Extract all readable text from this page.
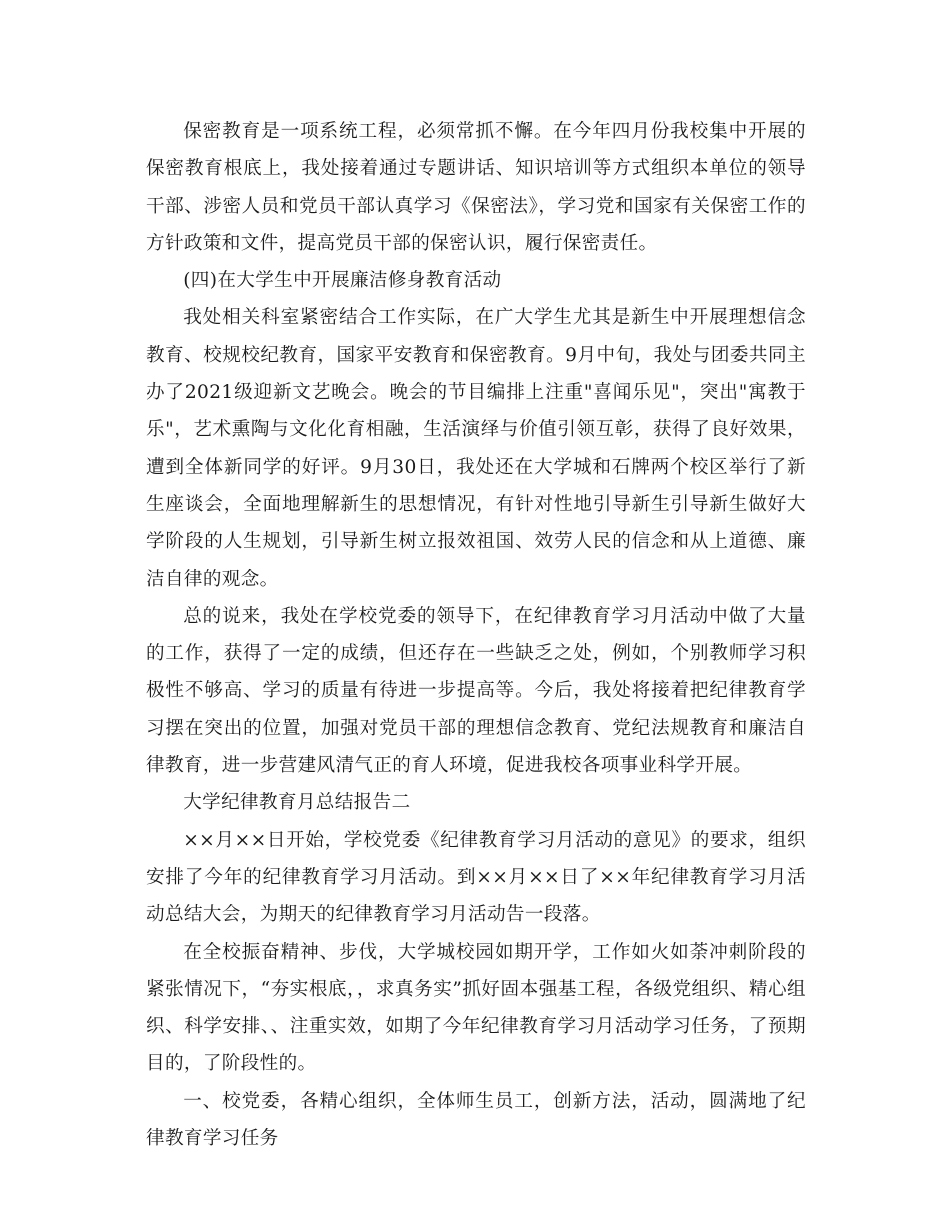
保密教育是一项系统工程，必须常抓不懈。在今年四月份我校集中开展的保密教育根底上，我处接着通过专题讲话、知识培训等方式组织本单位的领导干部、涉密人员和党员干部认真学习《保密法》，学习党和国家有关保密工作的方针政策和文件，提高党员干部的保密认识，履行保密责任。

(四)在大学生中开展廉洁修身教育活动

我处相关科室紧密结合工作实际，在广大学生尤其是新生中开展理想信念教育、校规校纪教育，国家平安教育和保密教育。9月中旬，我处与团委共同主办了2021级迎新文艺晚会。晚会的节目编排上注重"喜闻乐见"，突出"寓教于乐"，艺术熏陶与文化化育相融，生活演绎与价值引领互彰，获得了良好效果，遭到全体新同学的好评。9月30日，我处还在大学城和石牌两个校区举行了新生座谈会，全面地理解新生的思想情况，有针对性地引导新生引导新生做好大学阶段的人生规划，引导新生树立报效祖国、效劳人民的信念和从上道德、廉洁自律的观念。

总的说来，我处在学校党委的领导下，在纪律教育学习月活动中做了大量的工作，获得了一定的成绩，但还存在一些缺乏之处，例如，个别教师学习积极性不够高、学习的质量有待进一步提高等。今后，我处将接着把纪律教育学习摆在突出的位置，加强对党员干部的理想信念教育、党纪法规教育和廉洁自律教育，进一步营建风清气正的育人环境，促进我校各项事业科学开展。

大学纪律教育月总结报告二

××月××日开始，学校党委《纪律教育学习月活动的意见》的要求，组织安排了今年的纪律教育学习月活动。到××月××日了××年纪律教育学习月活动总结大会，为期天的纪律教育学习月活动告一段落。

在全校振奋精神、步伐，大学城校园如期开学，工作如火如荼冲刺阶段的紧张情况下，“夯实根底，，求真务实”抓好固本强基工程，各级党组织、精心组织、科学安排、、注重实效，如期了今年纪律教育学习月活动学习任务，了预期目的，了阶段性的。

一、校党委，各精心组织，全体师生员工，创新方法，活动，圆满地了纪律教育学习任务
